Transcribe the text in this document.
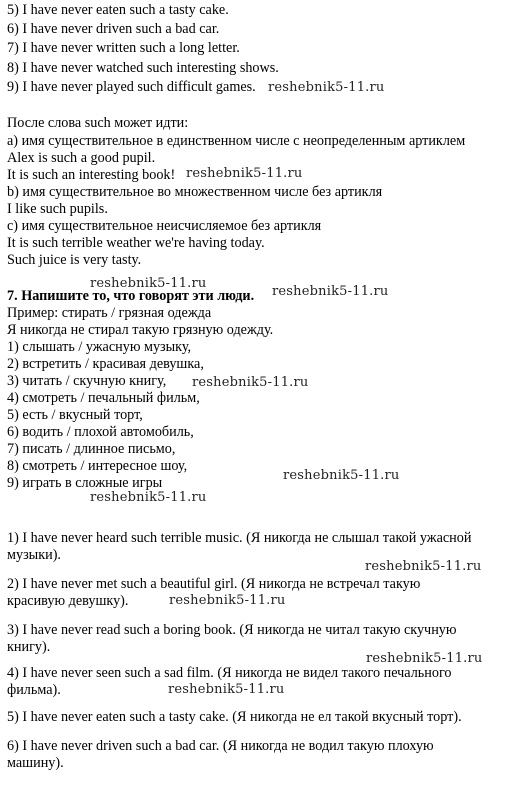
5) I have never eaten such a tasty cake.
6) I have never driven such a bad car.
7) I have never written such a long letter.
8) I have never watched such interesting shows.
9) I have never played such difficult games.
После слова such может идти:
а) имя существительное в единственном числе с неопределенным артиклем
Alex is such a good pupil.
It is such an interesting book!
b) имя существительное во множественном числе без артикля
I like such pupils.
c) имя существительное неисчисляемое без артикля
It is such terrible weather we're having today.
Such juice is very tasty.
7. Напишите то, что говорят эти люди.
Пример: стирать / грязная одежда
Я никогда не стирал такую грязную одежду.
1) слышать / ужасную музыку,
2) встретить / красивая девушка,
3) читать / скучную книгу,
4) смотреть / печальный фильм,
5) есть / вкусный торт,
6) водить / плохой автомобиль,
7) писать / длинное письмо,
8) смотреть / интересное шоу,
9) играть в сложные игры
1) I have never heard such terrible music. (Я никогда не слышал такой ужасной
музыки).
2) I have never met such a beautiful girl. (Я никогда не встречал такую
красивую девушку).
3) I have never read such a boring book. (Я никогда не читал такую скучную
книгу).
4) I have never seen such a sad film. (Я никогда не видел такого печального
фильма).
5) I have never eaten such a tasty cake. (Я никогда не ел такой вкусный торт).
6) I have never driven such a bad car. (Я никогда не водил такую плохую
машину).
reshebnik5-11.ru
reshebnik5-11.ru
reshebnik5-11.ru
reshebnik5-11.ru
reshebnik5-11.ru
reshebnik5-11.ru
reshebnik5-11.ru
reshebnik5-11.ru
reshebnik5-11.ru
reshebnik5-11.ru
reshebnik5-11.ru
